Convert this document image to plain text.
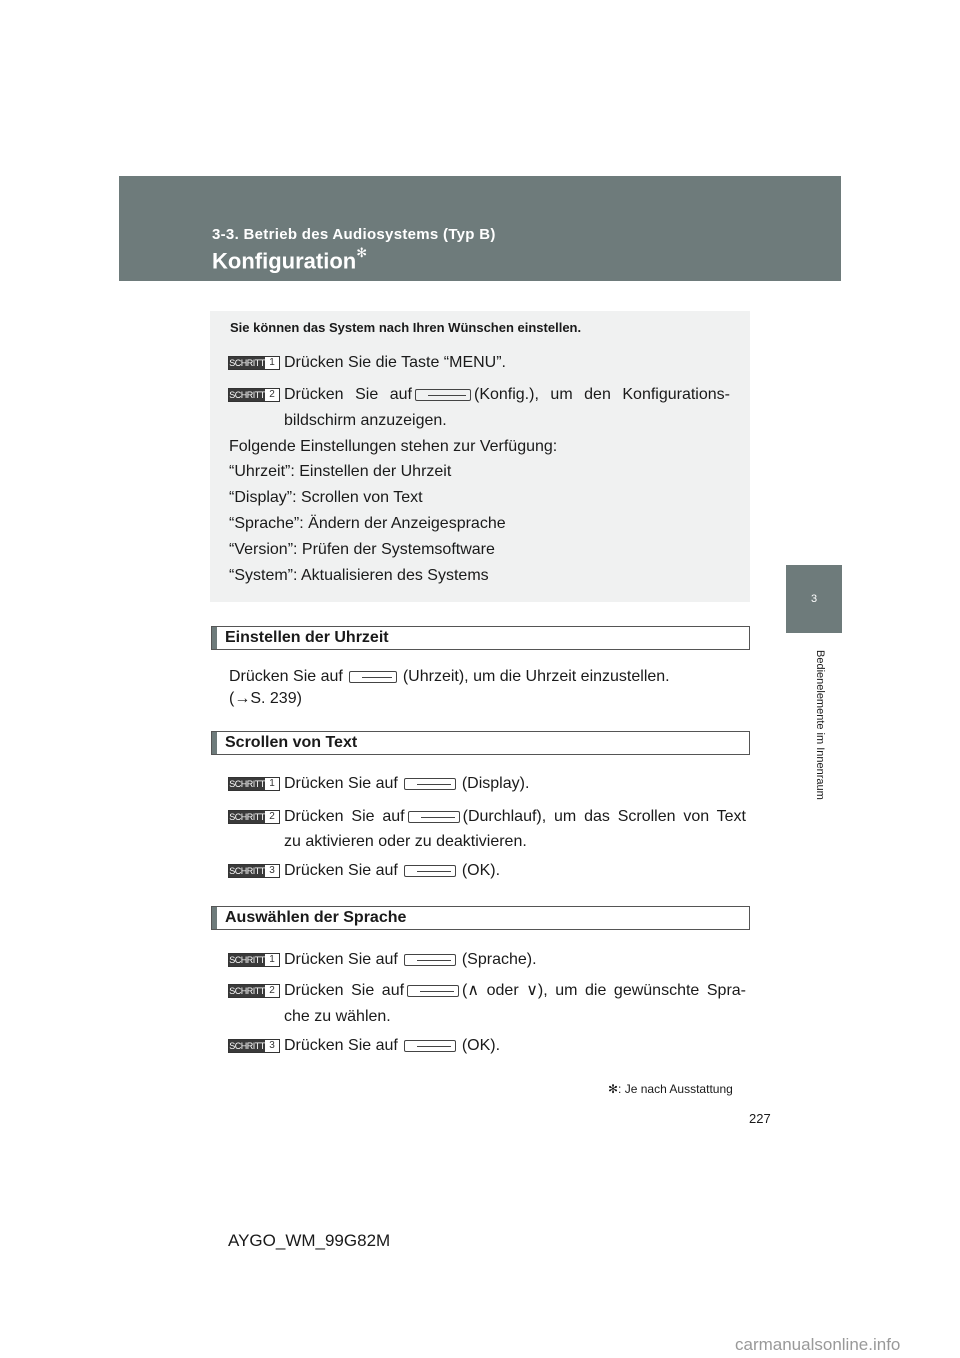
3-3. Betrieb des Audiosystems (Typ B)
Konfiguration✻
3
Bedienelemente im Innenraum
Sie können das System nach Ihren Wünschen einstellen.
SCHRITT 1 Drücken Sie die Taste “MENU”.
SCHRITT 2 Drücken Sie auf	(Konfig.), um den Konfigurations-
bildschirm anzuzeigen.
Folgende Einstellungen stehen zur Verfügung:
“Uhrzeit”: Einstellen der Uhrzeit
“Display”: Scrollen von Text
“Sprache”: Ändern der Anzeigesprache
“Version”: Prüfen der Systemsoftware
“System”: Aktualisieren des Systems
Einstellen der Uhrzeit
Drücken Sie auf	(Uhrzeit), um die Uhrzeit einzustellen.
(→S. 239)
Scrollen von Text
SCHRITT 1 Drücken Sie auf	(Display).
SCHRITT 2 Drücken Sie auf	(Durchlauf), um das Scrollen von Text
zu aktivieren oder zu deaktivieren.
SCHRITT 3 Drücken Sie auf	(OK).
Auswählen der Sprache
SCHRITT 1 Drücken Sie auf	(Sprache).
SCHRITT 2 Drücken Sie auf	(∧ oder ∨), um die gewünschte Spra-
che zu wählen.
SCHRITT 3 Drücken Sie auf	(OK).
✻: Je nach Ausstattung
227
AYGO_WM_99G82M
carmanualsonline.info
